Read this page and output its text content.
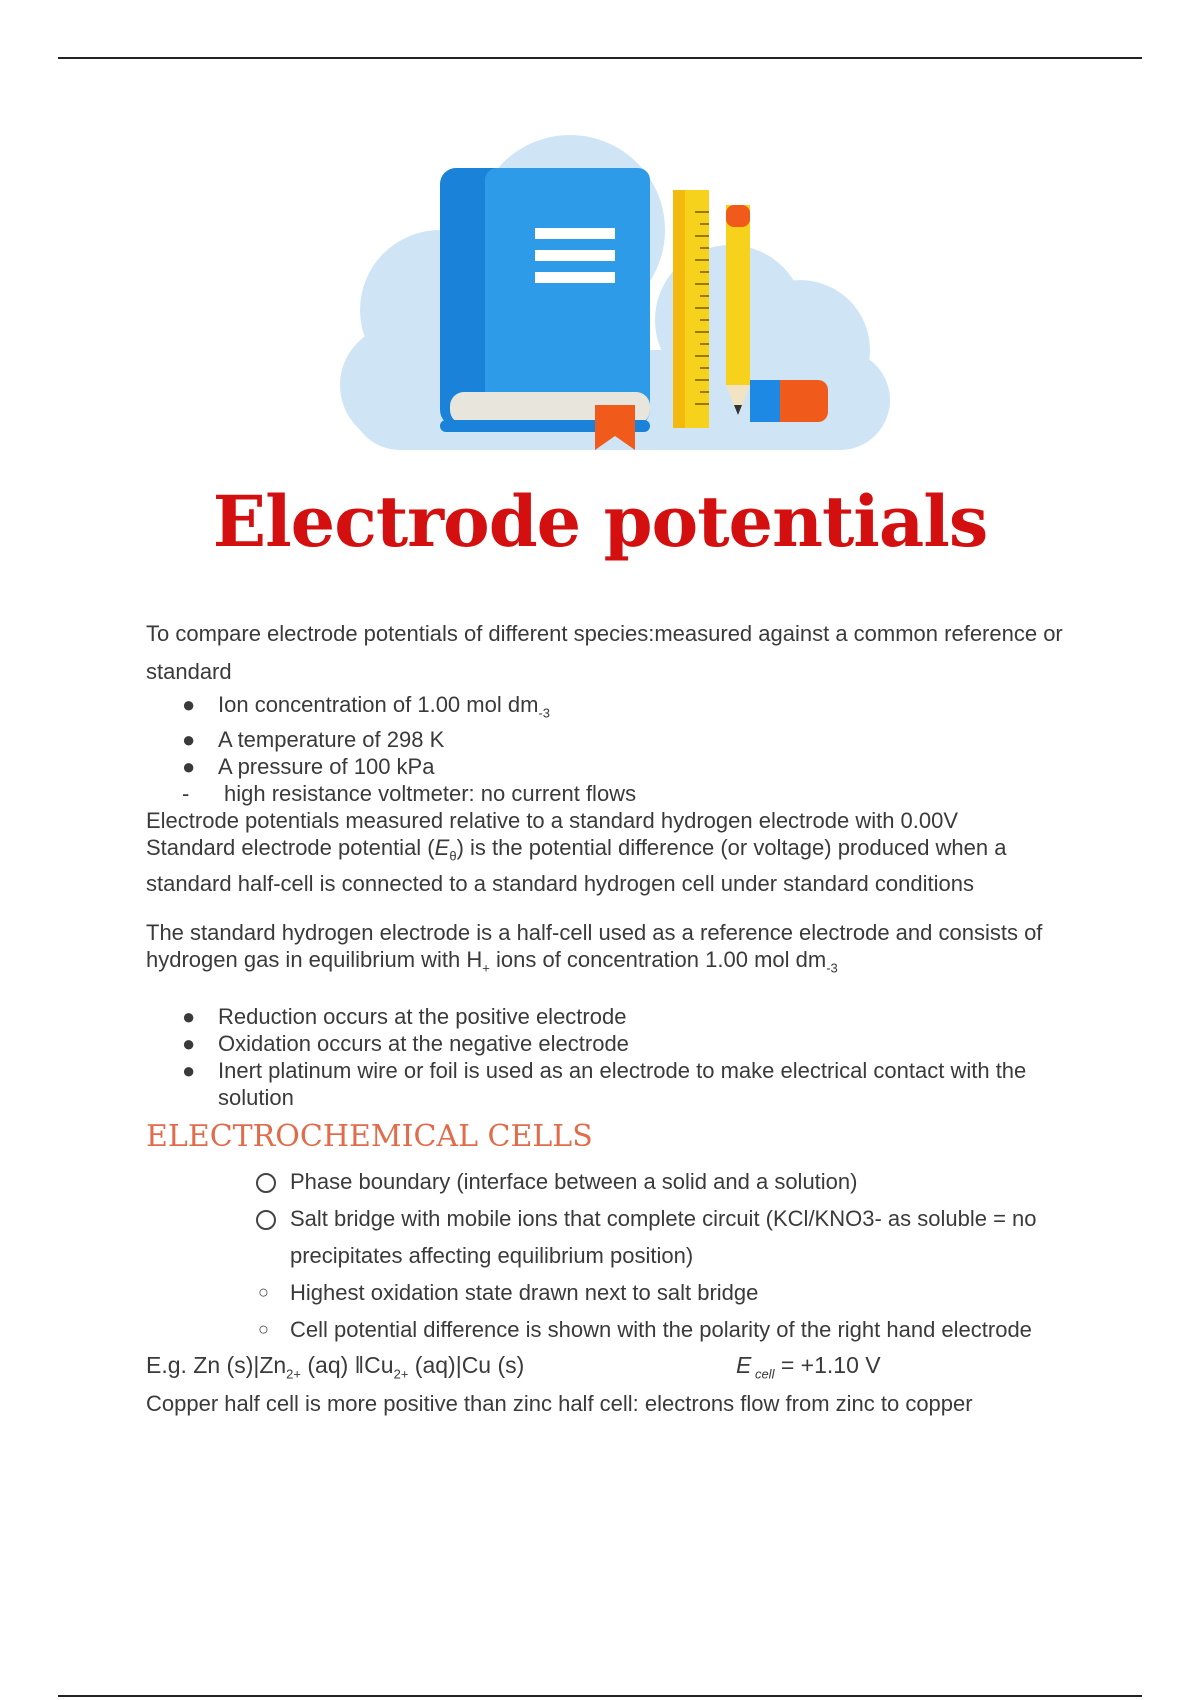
Electrode potentials

To compare electrode potentials of different species:measured against a common reference or standard

● Ion concentration of 1.00 mol $dm_{-3}$
● A temperature of 298 K
● A pressure of 100 kPa
- high resistance voltmeter: no current flows

Electrode potentials measured relative to a standard hydrogen electrode with 0.00V

Standard electrode potential $(E_\theta)$ is the potential difference (or voltage) produced when a standard half-cell is connected to a standard hydrogen cell under standard conditions

The standard hydrogen electrode is a half-cell used as a reference electrode and consists of hydrogen gas in equilibrium with $H_+$ ions of concentration 1.00 mol $dm_{-3}$

● Reduction occurs at the positive electrode
● Oxidation occurs at the negative electrode
● Inert platinum wire or foil is used as an electrode to make electrical contact with the solution
ELECTROCHEMICAL CELLS
Phase boundary (interface between a solid and a solution)
Salt bridge with mobile ions that complete circuit (KCl/KNO3- as soluble = no precipitates affecting equilibrium position)
○ Highest oxidation state drawn next to salt bridge
○ Cell potential difference is shown with the polarity of the right hand electrode
E.g. Zn $(s)|Zn_{2+}$ (aq) $‖Cu_{2+}$ (aq)|Cu (s)	E $_{cell}$ = +1.10 V

Copper half cell is more positive than zinc half cell: electrons flow from zinc to copper
